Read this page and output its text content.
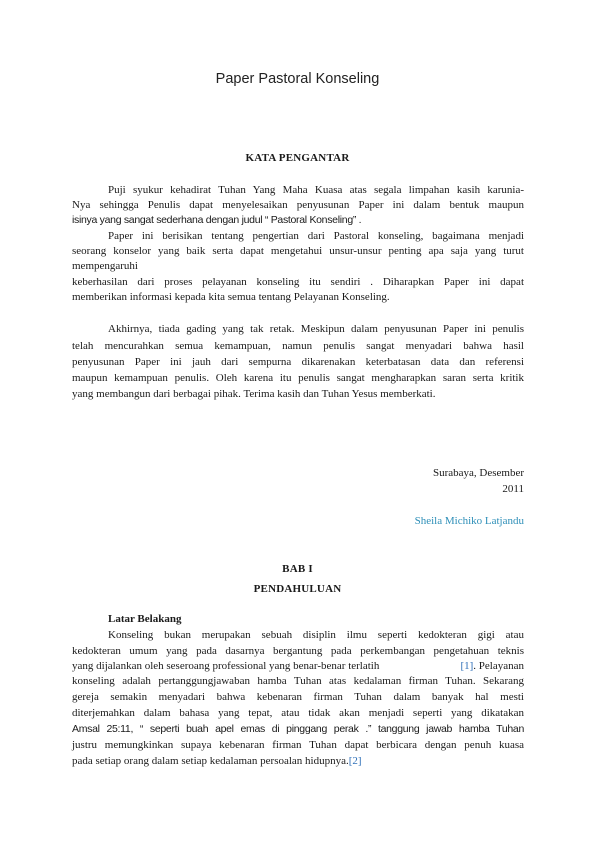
Paper Pastoral Konseling
KATA PENGANTAR
Puji syukur kehadirat Tuhan Yang Maha Kuasa atas segala limpahan kasih karunia-
Nya sehingga Penulis dapat menyelesaikan penyusunan Paper ini dalam bentuk maupun
isinya yang sangat sederhana dengan judul “ Pastoral Konseling” .
Paper ini berisikan tentang pengertian dari Pastoral konseling, bagaimana menjadi
seorang konselor yang baik serta dapat mengetahui unsur-unsur penting apa saja yang turut
mempengaruhi
keberhasilan dari proses pelayanan konseling itu sendiri . Diharapkan Paper ini dapat
memberikan informasi kepada kita semua tentang Pelayanan Konseling.
Akhirnya, tiada gading yang tak retak. Meskipun dalam penyusunan Paper ini penulis
telah mencurahkan semua kemampuan, namun penulis sangat menyadari bahwa hasil
penyusunan Paper ini jauh dari sempurna dikarenakan keterbatasan data dan referensi
maupun kemampuan penulis. Oleh karena itu penulis sangat mengharapkan saran serta kritik
yang membangun dari berbagai pihak. Terima kasih dan Tuhan Yesus memberkati.
Surabaya, Desember
2011
Sheila Michiko Latjandu
BAB I
PENDAHULUAN
Latar Belakang
Konseling bukan merupakan sebuah disiplin ilmu seperti kedokteran gigi atau
kedokteran umum yang pada dasarnya bergantung pada perkembangan pengetahuan teknis
yang dijalankan oleh seseroang professional yang benar-benar terlatih	[1]. Pelayanan
konseling adalah pertanggungjawaban hamba Tuhan atas kedalaman firman Tuhan. Sekarang
gereja semakin menyadari bahwa kebenaran firman Tuhan dalam banyak hal mesti
diterjemahkan dalam bahasa yang tepat, atau tidak akan menjadi seperti yang dikatakan
Amsal 25:11, “ seperti buah apel emas di pinggang perak .” tanggung jawab hamba Tuhan
justru memungkinkan supaya kebenaran firman Tuhan dapat berbicara dengan penuh kuasa
pada setiap orang dalam setiap kedalaman persoalan hidupnya.[2]
